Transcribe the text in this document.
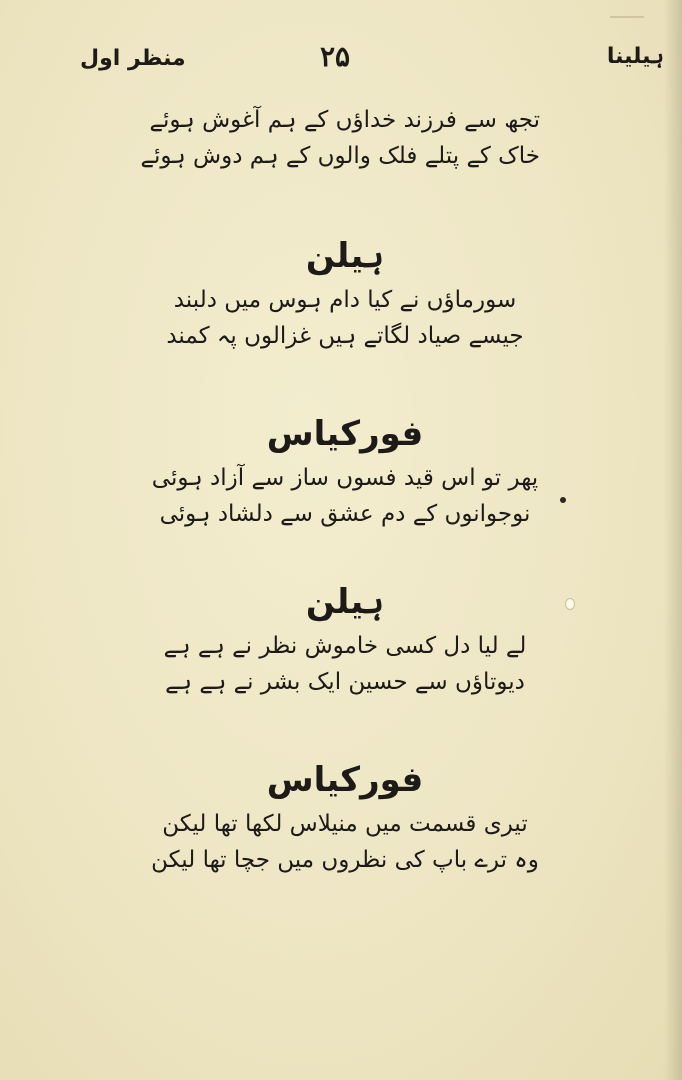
ہیلینا
۲۵
منظر اول
تجھ سے فرزند خداؤں کے ہم آغوش ہوئے
خاک کے پتلے فلک والوں کے ہم دوش ہوئے
ہیلن
سورماؤں نے کیا دام ہوس میں دلبند
جیسے صیاد لگاتے ہیں غزالوں پہ کمند
فورکیاس
پھر تو اس قید فسوں ساز سے آزاد ہوئی
نوجوانوں کے دم عشق سے دلشاد ہوئی
ہیلن
لے لیا دل کسی خاموش نظر نے ہے ہے
دیوتاؤں سے حسین ایک بشر نے ہے ہے
فورکیاس
تیری قسمت میں منیلاس لکھا تھا لیکن
وہ ترے باپ کی نظروں میں جچا تھا لیکن
